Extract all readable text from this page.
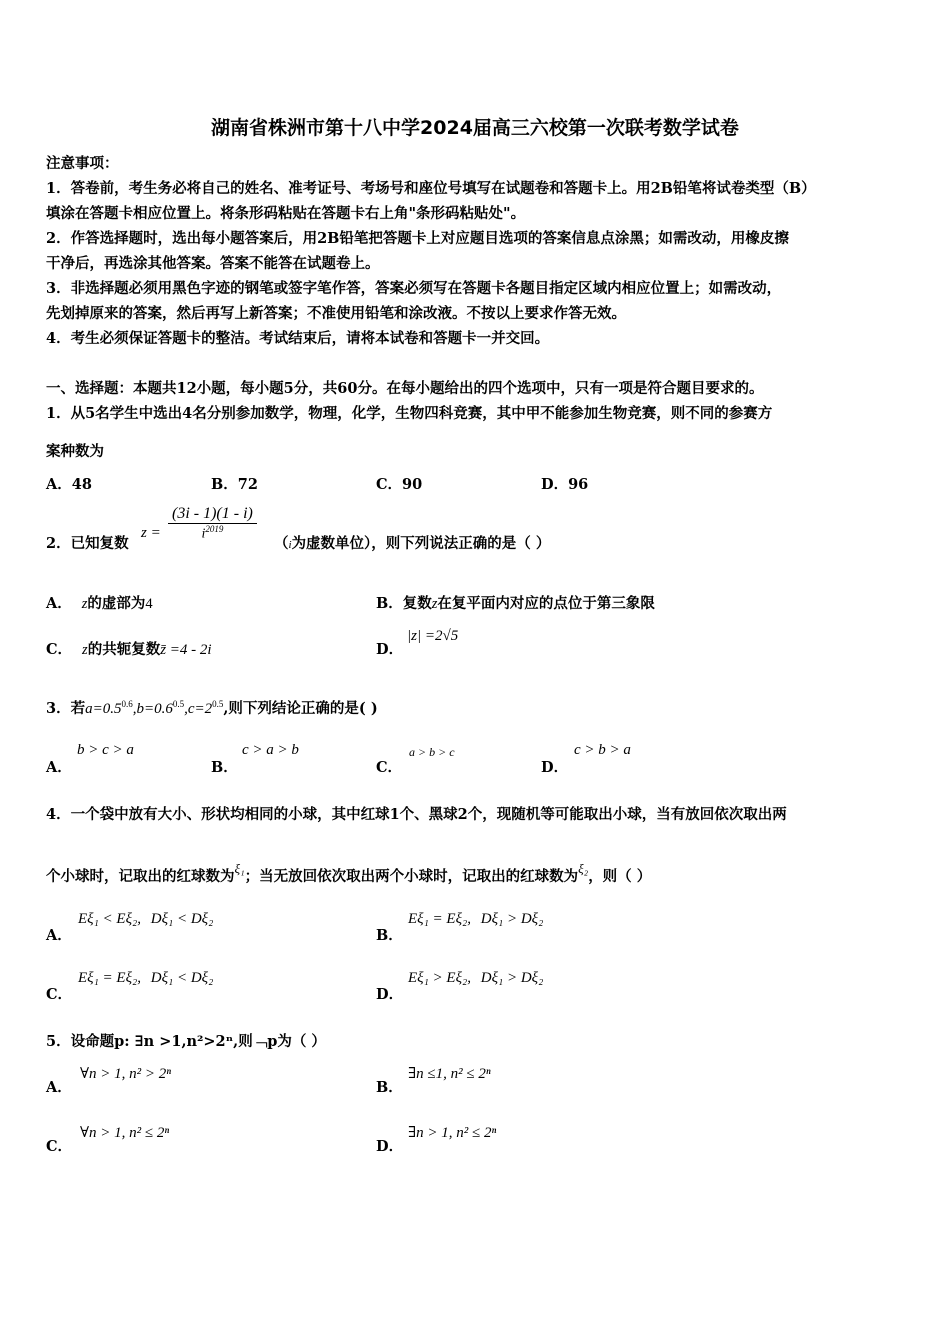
湖南省株洲市第十八中学2024届高三六校第一次联考数学试卷
注意事项：
1．答卷前，考生务必将自己的姓名、准考证号、考场号和座位号填写在试题卷和答题卡上。用2B铅笔将试卷类型（B）
填涂在答题卡相应位置上。将条形码粘贴在答题卡右上角"条形码粘贴处"。
2．作答选择题时，选出每小题答案后，用2B铅笔把答题卡上对应题目选项的答案信息点涂黑；如需改动，用橡皮擦
干净后，再选涂其他答案。答案不能答在试题卷上。
3．非选择题必须用黑色字迹的钢笔或签字笔作答，答案必须写在答题卡各题目指定区域内相应位置上；如需改动，
先划掉原来的答案，然后再写上新答案；不准使用铅笔和涂改液。不按以上要求作答无效。
4．考生必须保证答题卡的整洁。考试结束后，请将本试卷和答题卡一并交回。
一、选择题：本题共12小题，每小题5分，共60分。在每小题给出的四个选项中，只有一项是符合题目要求的。
1．从5名学生中选出4名分别参加数学，物理，化学，生物四科竞赛，其中甲不能参加生物竞赛，则不同的参赛方
案种数为
A．48	B．72	C．90	D．96
2．已知复数
$z = \frac{(3i - 1)(1 - i)}{i^{2019}}$
（i为虚数单位），则下列说法正确的是（ ）
A． z的虚部为4	B．复数z在复平面内对应的点位于第三象限
C． z的共轭复数z̄ =4 - 2i	D．
|z| =2√5
3．若$a=0.5^{0.6},b=0.6^{0.5},c=2^{0.5}$,则下列结论正确的是( )
A．
b > c > a
B．
c > a > b
C．
a > b > c
D．
c > b > a
4．一个袋中放有大小、形状均相同的小球，其中红球1个、黑球2个，现随机等可能取出小球，当有放回依次取出两
个小球时，记取出的红球数为ξ₁；当无放回依次取出两个小球时，记取出的红球数为ξ₂，则（ ）
A．
Eξ₁ < Eξ₂, Dξ₁ < Dξ₂
B．
Eξ₁ = Eξ₂, Dξ₁ > Dξ₂
C．
Eξ₁ = Eξ₂, Dξ₁ < Dξ₂
D．
Eξ₁ > Eξ₂, Dξ₁ > Dξ₂
5．设命题p: ∃n >1,n²>2ⁿ,则﹁p为（ ）
A．
∀n > 1, n² > 2ⁿ
B．
∃n ≤1, n² ≤ 2ⁿ
C．
∀n > 1, n² ≤ 2ⁿ
D．
∃n > 1, n² ≤ 2ⁿ
